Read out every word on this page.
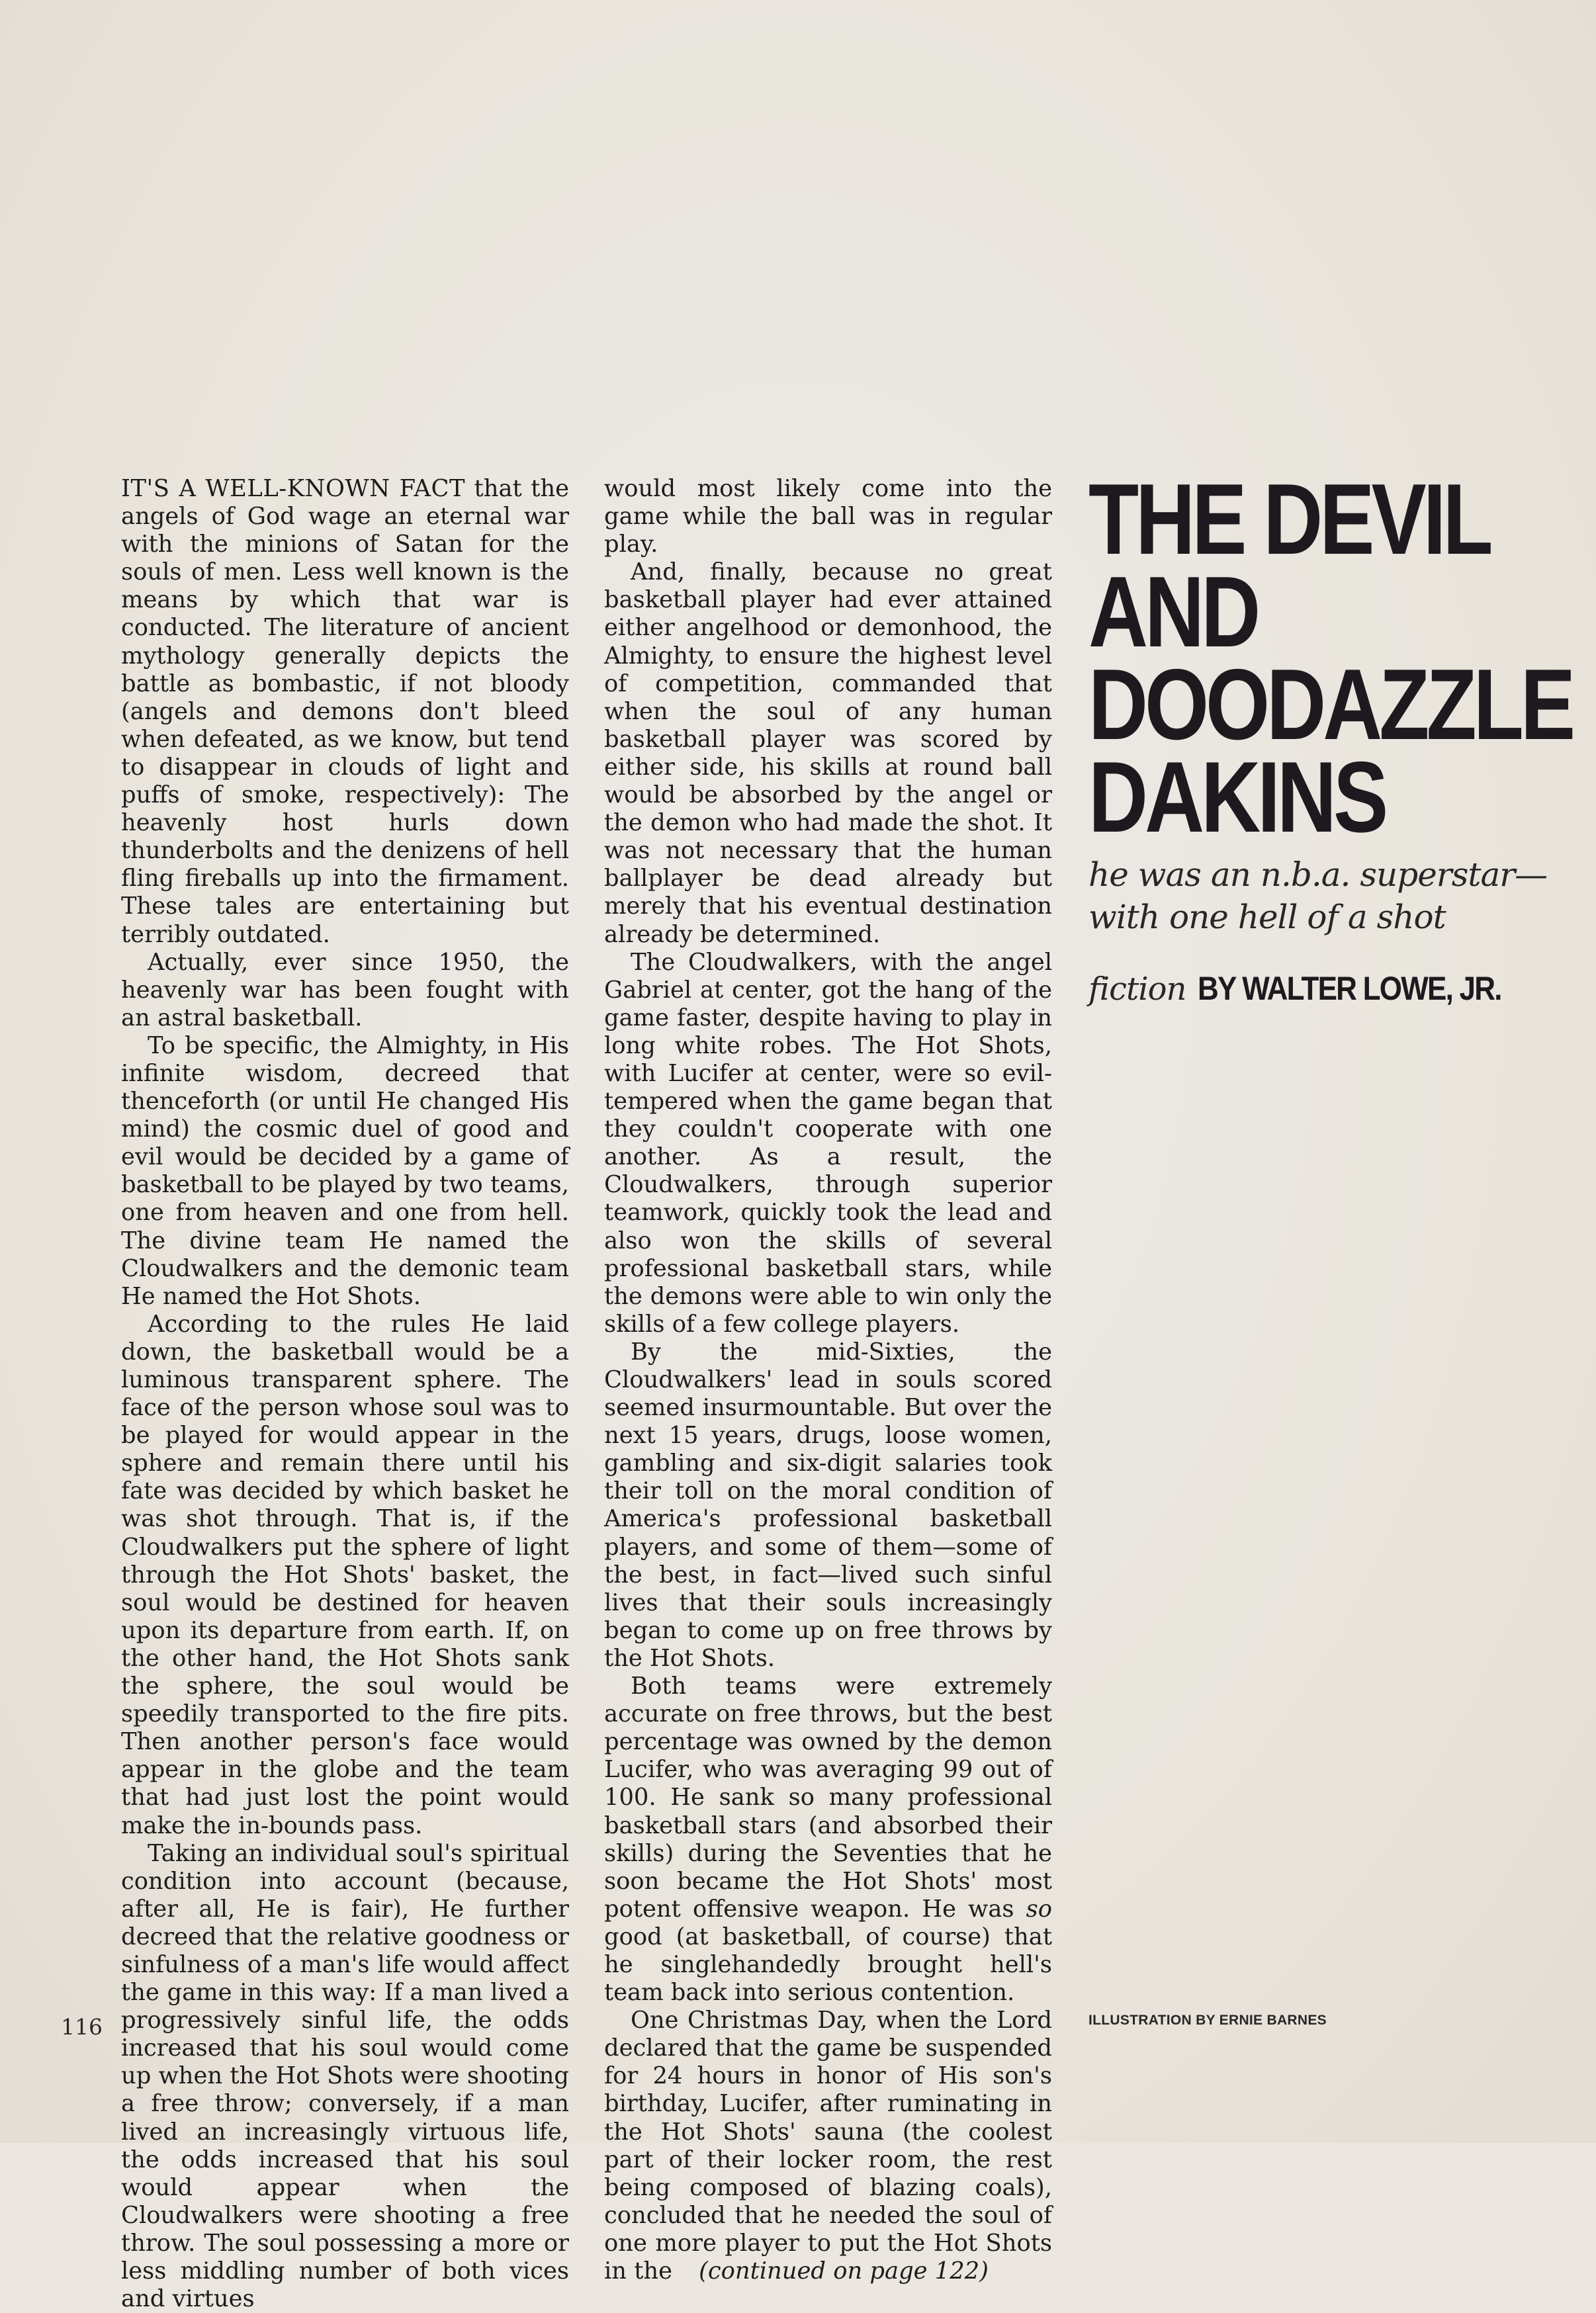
IT'S A WELL-KNOWN FACT that the angels of God wage an eternal war with the minions of Satan for the souls of men. Less well known is the means by which that war is conducted. The literature of ancient mythology generally depicts the battle as bombastic, if not bloody (angels and demons don't bleed when defeated, as we know, but tend to disappear in clouds of light and puffs of smoke, respectively): The heavenly host hurls down thunderbolts and the denizens of hell fling fireballs up into the firmament. These tales are entertaining but terribly outdated.

Actually, ever since 1950, the heavenly war has been fought with an astral basketball.

To be specific, the Almighty, in His infinite wisdom, decreed that thenceforth (or until He changed His mind) the cosmic duel of good and evil would be decided by a game of basketball to be played by two teams, one from heaven and one from hell. The divine team He named the Cloudwalkers and the demonic team He named the Hot Shots.

According to the rules He laid down, the basketball would be a luminous transparent sphere. The face of the person whose soul was to be played for would appear in the sphere and remain there until his fate was decided by which basket he was shot through. That is, if the Cloudwalkers put the sphere of light through the Hot Shots' basket, the soul would be destined for heaven upon its departure from earth. If, on the other hand, the Hot Shots sank the sphere, the soul would be speedily transported to the fire pits. Then another person's face would appear in the globe and the team that had just lost the point would make the in-bounds pass.

Taking an individual soul's spiritual condition into account (because, after all, He is fair), He further decreed that the relative goodness or sinfulness of a man's life would affect the game in this way: If a man lived a progressively sinful life, the odds increased that his soul would come up when the Hot Shots were shooting a free throw; conversely, if a man lived an increasingly virtuous life, the odds increased that his soul would appear when the Cloudwalkers were shooting a free throw. The soul possessing a more or less middling number of both vices and virtues

would most likely come into the game while the ball was in regular play.

And, finally, because no great basketball player had ever attained either angelhood or demonhood, the Almighty, to ensure the highest level of competition, commanded that when the soul of any human basketball player was scored by either side, his skills at round ball would be absorbed by the angel or the demon who had made the shot. It was not necessary that the human ballplayer be dead already but merely that his eventual destination already be determined.

The Cloudwalkers, with the angel Gabriel at center, got the hang of the game faster, despite having to play in long white robes. The Hot Shots, with Lucifer at center, were so evil-tempered when the game began that they couldn't cooperate with one another. As a result, the Cloudwalkers, through superior teamwork, quickly took the lead and also won the skills of several professional basketball stars, while the demons were able to win only the skills of a few college players.

By the mid-Sixties, the Cloudwalkers' lead in souls scored seemed insurmountable. But over the next 15 years, drugs, loose women, gambling and six-digit salaries took their toll on the moral condition of America's professional basketball players, and some of them—some of the best, in fact—lived such sinful lives that their souls increasingly began to come up on free throws by the Hot Shots.

Both teams were extremely accurate on free throws, but the best percentage was owned by the demon Lucifer, who was averaging 99 out of 100. He sank so many professional basketball stars (and absorbed their skills) during the Seventies that he soon became the Hot Shots' most potent offensive weapon. He was so good (at basketball, of course) that he singlehandedly brought hell's team back into serious contention.

One Christmas Day, when the Lord declared that the game be suspended for 24 hours in honor of His son's birthday, Lucifer, after ruminating in the Hot Shots' sauna (the coolest part of their locker room, the rest being composed of blazing coals), concluded that he needed the soul of one more player to put the Hot Shots in the (continued on page 122)

THE DEVIL
AND
DOODAZZLE
DAKINS
he was an n.b.a. superstar—
with one hell of a shot
fiction BY WALTER LOWE, JR.
116	ILLUSTRATION BY ERNIE BARNES
